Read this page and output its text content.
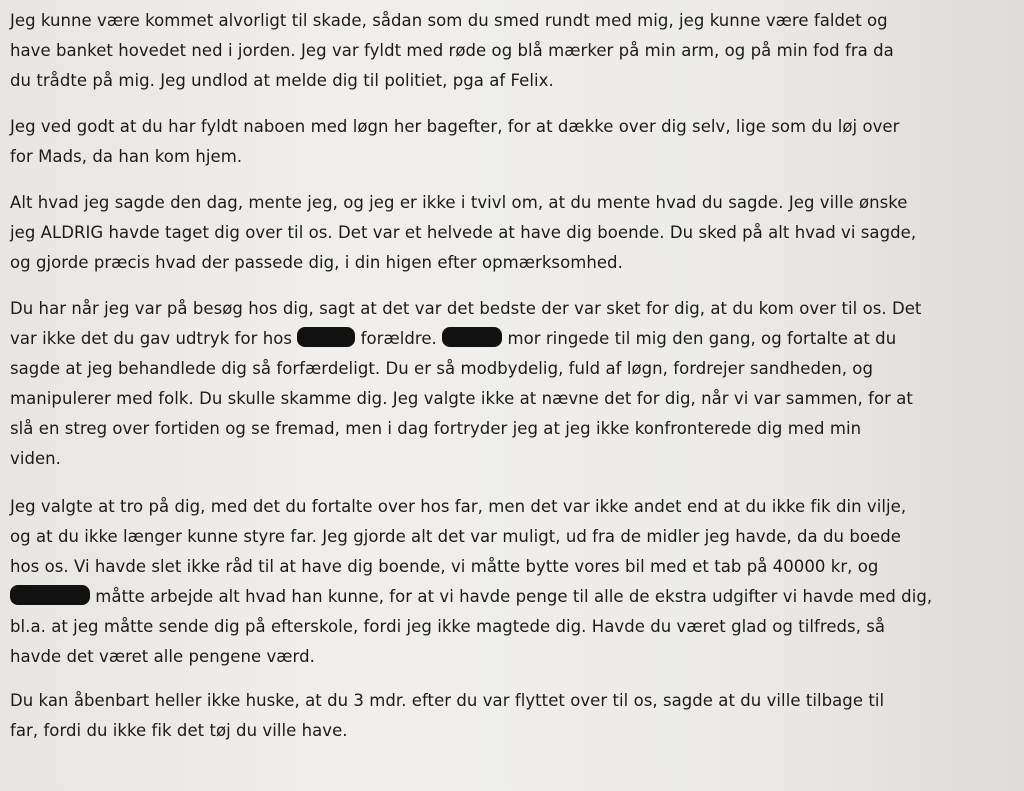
Jeg kunne være kommet alvorligt til skade, sådan som du smed rundt med mig, jeg kunne være faldet og
have banket hovedet ned i jorden. Jeg var fyldt med røde og blå mærker på min arm, og på min fod fra da
du trådte på mig. Jeg undlod at melde dig til politiet, pga af Felix.

Jeg ved godt at du har fyldt naboen med løgn her bagefter, for at dække over dig selv, lige som du løj over
for Mads, da han kom hjem.

Alt hvad jeg sagde den dag, mente jeg, og jeg er ikke i tvivl om, at du mente hvad du sagde. Jeg ville ønske
jeg ALDRIG havde taget dig over til os. Det var et helvede at have dig boende. Du sked på alt hvad vi sagde,
og gjorde præcis hvad der passede dig, i din higen efter opmærksomhed.

Du har når jeg var på besøg hos dig, sagt at det var det bedste der var sket for dig, at du kom over til os. Det
var ikke det du gav udtryk for hos	forældre.	mor ringede til mig den gang, og fortalte at du
sagde at jeg behandlede dig så forfærdeligt. Du er så modbydelig, fuld af løgn, fordrejer sandheden, og
manipulerer med folk. Du skulle skamme dig. Jeg valgte ikke at nævne det for dig, når vi var sammen, for at
slå en streg over fortiden og se fremad, men i dag fortryder jeg at jeg ikke konfronterede dig med min
viden.

Jeg valgte at tro på dig, med det du fortalte over hos far, men det var ikke andet end at du ikke fik din vilje,
og at du ikke længer kunne styre far. Jeg gjorde alt det var muligt, ud fra de midler jeg havde, da du boede
hos os. Vi havde slet ikke råd til at have dig boende, vi måtte bytte vores bil med et tab på 40000 kr, og
måtte arbejde alt hvad han kunne, for at vi havde penge til alle de ekstra udgifter vi havde med dig,
bl.a. at jeg måtte sende dig på efterskole, fordi jeg ikke magtede dig. Havde du været glad og tilfreds, så
havde det været alle pengene værd.

Du kan åbenbart heller ikke huske, at du 3 mdr. efter du var flyttet over til os, sagde at du ville tilbage til
far, fordi du ikke fik det tøj du ville have.
